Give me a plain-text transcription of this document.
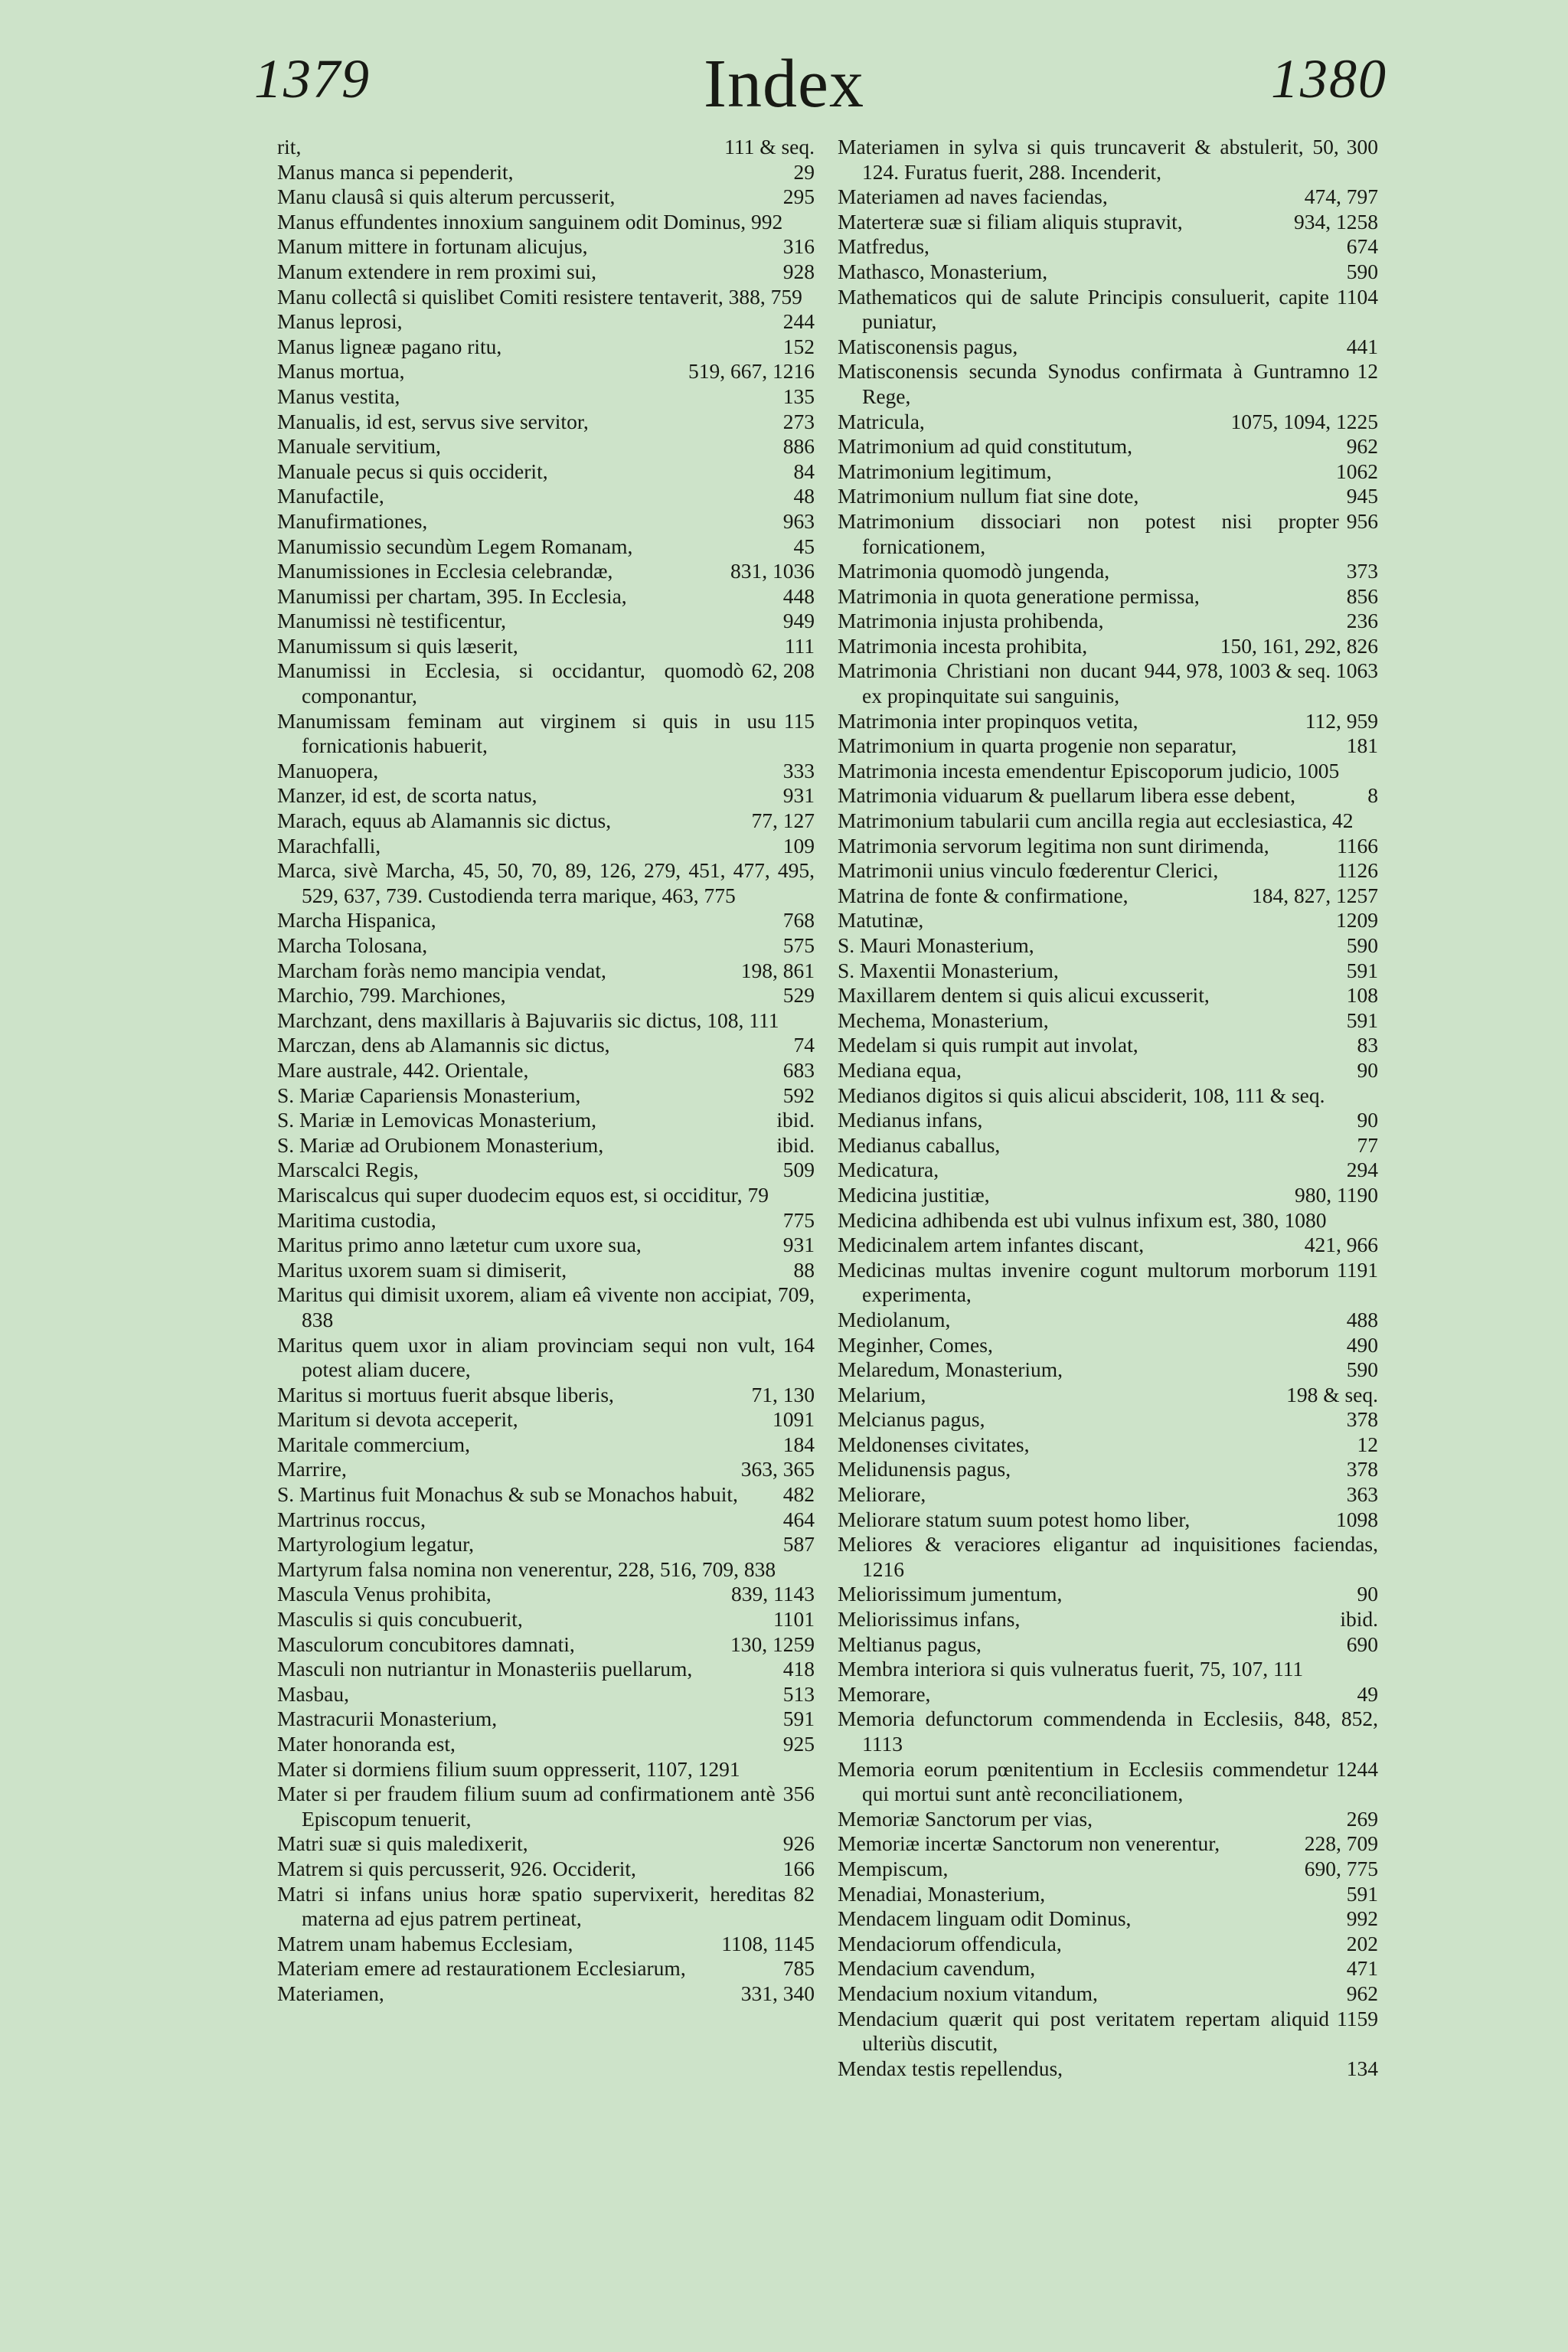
1379	Index	1380

111 & seq.
rit,

29
Manus manca si pependerit,

295
Manu clausâ si quis alterum percusserit,

Manus effundentes innoxium sanguinem odit Dominus, 992

316
Manum mittere in fortunam alicujus,

928
Manum extendere in rem proximi sui,

Manu collectâ si quislibet Comiti resistere tentaverit, 388, 759

244
Manus leprosi,

152
Manus ligneæ pagano ritu,

519, 667, 1216
Manus mortua,

135
Manus vestita,

273
Manualis, id est, servus sive servitor,

886
Manuale servitium,

84
Manuale pecus si quis occiderit,

48
Manufactile,

963
Manufirmationes,

45
Manumissio secundùm Legem Romanam,

831, 1036
Manumissiones in Ecclesia celebrandæ,

448
Manumissi per chartam, 395. In Ecclesia,

949
Manumissi nè testificentur,

111
Manumissum si quis læserit,

62, 208
Manumissi in Ecclesia, si occidantur, quomodò componantur,

115
Manumissam feminam aut virginem si quis in usu fornicationis habuerit,

333
Manuopera,

931
Manzer, id est, de scorta natus,

77, 127
Marach, equus ab Alamannis sic dictus,

109
Marachfalli,

Marca, sivè Marcha, 45, 50, 70, 89, 126, 279, 451, 477, 495, 529, 637, 739. Custodienda terra marique, 463, 775

768
Marcha Hispanica,

575
Marcha Tolosana,

198, 861
Marcham foràs nemo mancipia vendat,

529
Marchio, 799. Marchiones,

Marchzant, dens maxillaris à Bajuvariis sic dictus, 108, 111

74
Marczan, dens ab Alamannis sic dictus,

683
Mare australe, 442. Orientale,

592
S. Mariæ Capariensis Monasterium,

ibid.
S. Mariæ in Lemovicas Monasterium,

ibid.
S. Mariæ ad Orubionem Monasterium,

509
Marscalci Regis,

Mariscalcus qui super duodecim equos est, si occiditur, 79

775
Maritima custodia,

931
Maritus primo anno lætetur cum uxore sua,

88
Maritus uxorem suam si dimiserit,

Maritus qui dimisit uxorem, aliam eâ vivente non accipiat, 709, 838

164
Maritus quem uxor in aliam provinciam sequi non vult, potest aliam ducere,

71, 130
Maritus si mortuus fuerit absque liberis,

1091
Maritum si devota acceperit,

184
Maritale commercium,

363, 365
Marrire,

482
S. Martinus fuit Monachus & sub se Monachos habuit,

464
Martrinus roccus,

587
Martyrologium legatur,

Martyrum falsa nomina non venerentur, 228, 516, 709, 838

839, 1143
Mascula Venus prohibita,

1101
Masculis si quis concubuerit,

130, 1259
Masculorum concubitores damnati,

418
Masculi non nutriantur in Monasteriis puellarum,

513
Masbau,

591
Mastracurii Monasterium,

925
Mater honoranda est,

Mater si dormiens filium suum oppresserit, 1107, 1291

356
Mater si per fraudem filium suum ad confirmationem antè Episcopum tenuerit,

926
Matri suæ si quis maledixerit,

166
Matrem si quis percusserit, 926. Occiderit,

82
Matri si infans unius horæ spatio supervixerit, hereditas materna ad ejus patrem pertineat,

1108, 1145
Matrem unam habemus Ecclesiam,

785
Materiam emere ad restaurationem Ecclesiarum,

331, 340
Materiamen,

300
Materiamen in sylva si quis truncaverit & abstulerit, 50, 124. Furatus fuerit, 288. Incenderit,

474, 797
Materiamen ad naves faciendas,

934, 1258
Materteræ suæ si filiam aliquis stupravit,

674
Matfredus,

590
Mathasco, Monasterium,

1104
Mathematicos qui de salute Principis consuluerit, capite puniatur,

441
Matisconensis pagus,

12
Matisconensis secunda Synodus confirmata à Guntramno Rege,

1075, 1094, 1225
Matricula,

962
Matrimonium ad quid constitutum,

1062
Matrimonium legitimum,

945
Matrimonium nullum fiat sine dote,

956
Matrimonium dissociari non potest nisi propter fornicationem,

373
Matrimonia quomodò jungenda,

856
Matrimonia in quota generatione permissa,

236
Matrimonia injusta prohibenda,

150, 161, 292, 826
Matrimonia incesta prohibita,

944, 978, 1003 & seq. 1063
Matrimonia Christiani non ducant ex propinquitate sui sanguinis,

112, 959
Matrimonia inter propinquos vetita,

181
Matrimonium in quarta progenie non separatur,

Matrimonia incesta emendentur Episcoporum judicio, 1005

8
Matrimonia viduarum & puellarum libera esse debent,

Matrimonium tabularii cum ancilla regia aut ecclesiastica, 42

1166
Matrimonia servorum legitima non sunt dirimenda,

1126
Matrimonii unius vinculo fœderentur Clerici,

184, 827, 1257
Matrina de fonte & confirmatione,

1209
Matutinæ,

590
S. Mauri Monasterium,

591
S. Maxentii Monasterium,

108
Maxillarem dentem si quis alicui excusserit,

591
Mechema, Monasterium,

83
Medelam si quis rumpit aut involat,

90
Mediana equa,

Medianos digitos si quis alicui absciderit, 108, 111 & seq.

90
Medianus infans,

77
Medianus caballus,

294
Medicatura,

980, 1190
Medicina justitiæ,

Medicina adhibenda est ubi vulnus infixum est, 380, 1080

421, 966
Medicinalem artem infantes discant,

1191
Medicinas multas invenire cogunt multorum morborum experimenta,

488
Mediolanum,

490
Meginher, Comes,

590
Melaredum, Monasterium,

198 & seq.
Melarium,

378
Melcianus pagus,

12
Meldonenses civitates,

378
Melidunensis pagus,

363
Meliorare,

1098
Meliorare statum suum potest homo liber,

Meliores & veraciores eligantur ad inquisitiones faciendas, 1216

90
Meliorissimum jumentum,

ibid.
Meliorissimus infans,

690
Meltianus pagus,

Membra interiora si quis vulneratus fuerit, 75, 107, 111

49
Memorare,

Memoria defunctorum commendenda in Ecclesiis, 848, 852, 1113

1244
Memoria eorum pœnitentium in Ecclesiis commendetur qui mortui sunt antè reconciliationem,

269
Memoriæ Sanctorum per vias,

228, 709
Memoriæ incertæ Sanctorum non venerentur,

690, 775
Mempiscum,

591
Menadiai, Monasterium,

992
Mendacem linguam odit Dominus,

202
Mendaciorum offendicula,

471
Mendacium cavendum,

962
Mendacium noxium vitandum,

1159
Mendacium quærit qui post veritatem repertam aliquid ulteriùs discutit,

134
Mendax testis repellendus,
